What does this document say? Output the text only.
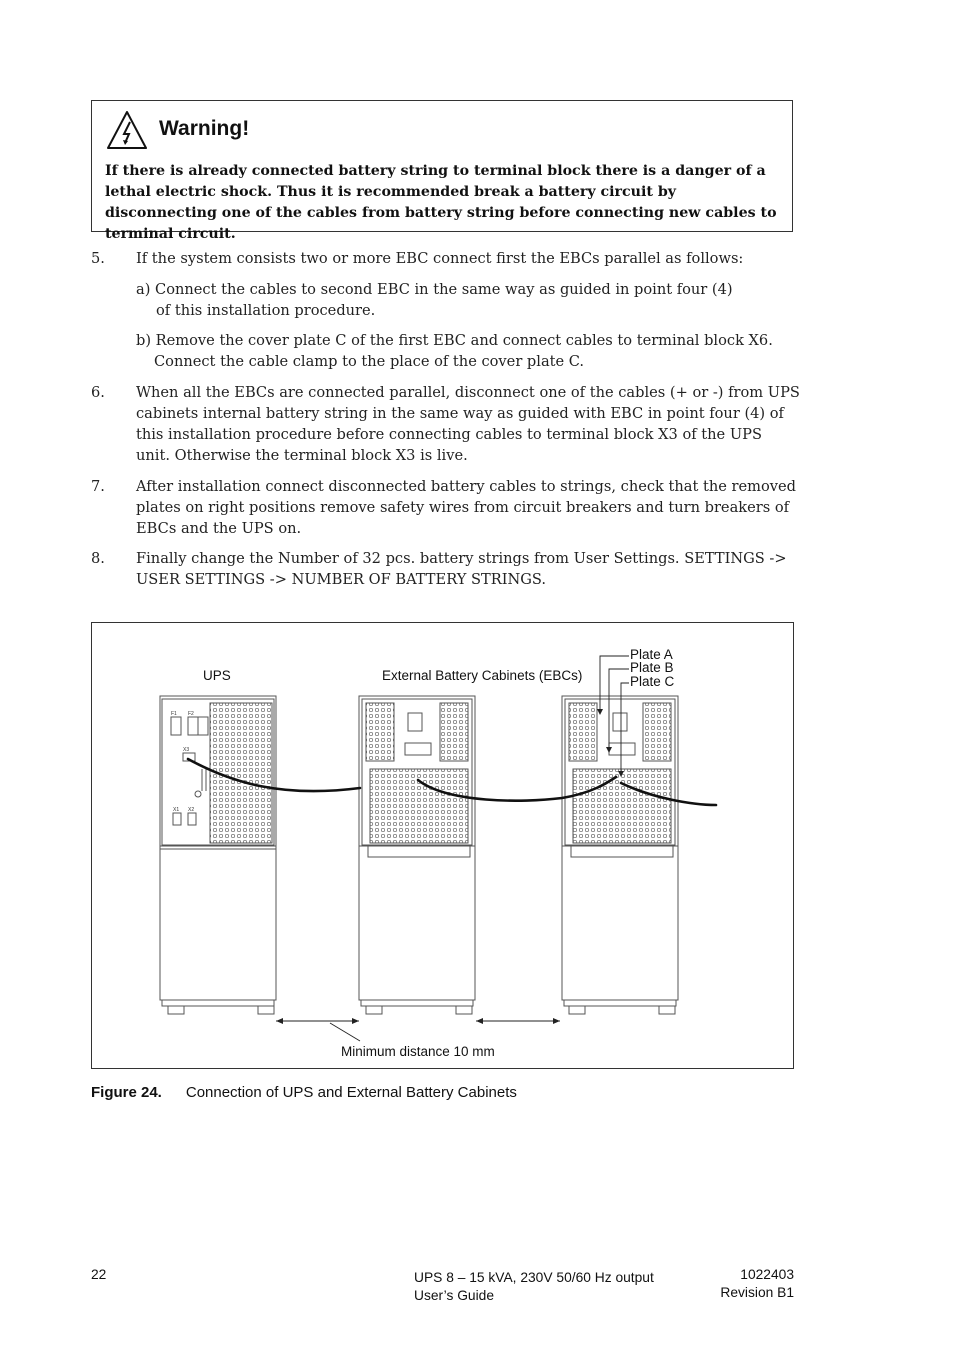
Warning!

If there is already connected battery string to terminal block there is a danger of a lethal electric shock. Thus it is recommended break a battery circuit by disconnecting one of the cables from battery string before connecting new cables to terminal circuit.

5. If the system consists two or more EBC connect first the EBCs parallel as follows:

a) Connect the cables to second EBC in the same way as guided in point four (4)
of this installation procedure.

b) Remove the cover plate C of the first EBC and connect cables to terminal block X6.
Connect the cable clamp to the place of the cover plate C.

6. When all the EBCs are connected parallel, disconnect one of the cables (+ or -) from UPS cabinets internal battery string in the same way as guided with EBC in point four (4) of this installation procedure before connecting cables to terminal block X3 of the UPS unit. Otherwise the terminal block X3 is live.

7. After installation connect disconnected battery cables to strings, check that the removed plates on right positions remove safety wires from circuit breakers and turn breakers of EBCs and the UPS on.

8. Finally change the Number of 32 pcs. battery strings from User Settings. SETTINGS -> USER SETTINGS -> NUMBER OF BATTERY STRINGS.

F1 F2
X3
X1 X2
UPS	External Battery Cabinets (EBCs)
Plate A
Plate B
Plate C
Minimum distance 10 mm
Figure 24. Connection of UPS and External Battery Cabinets
22	UPS 8 – 15 kVA, 230V 50/60 Hz output
User’s Guide
1022403
Revision B1
